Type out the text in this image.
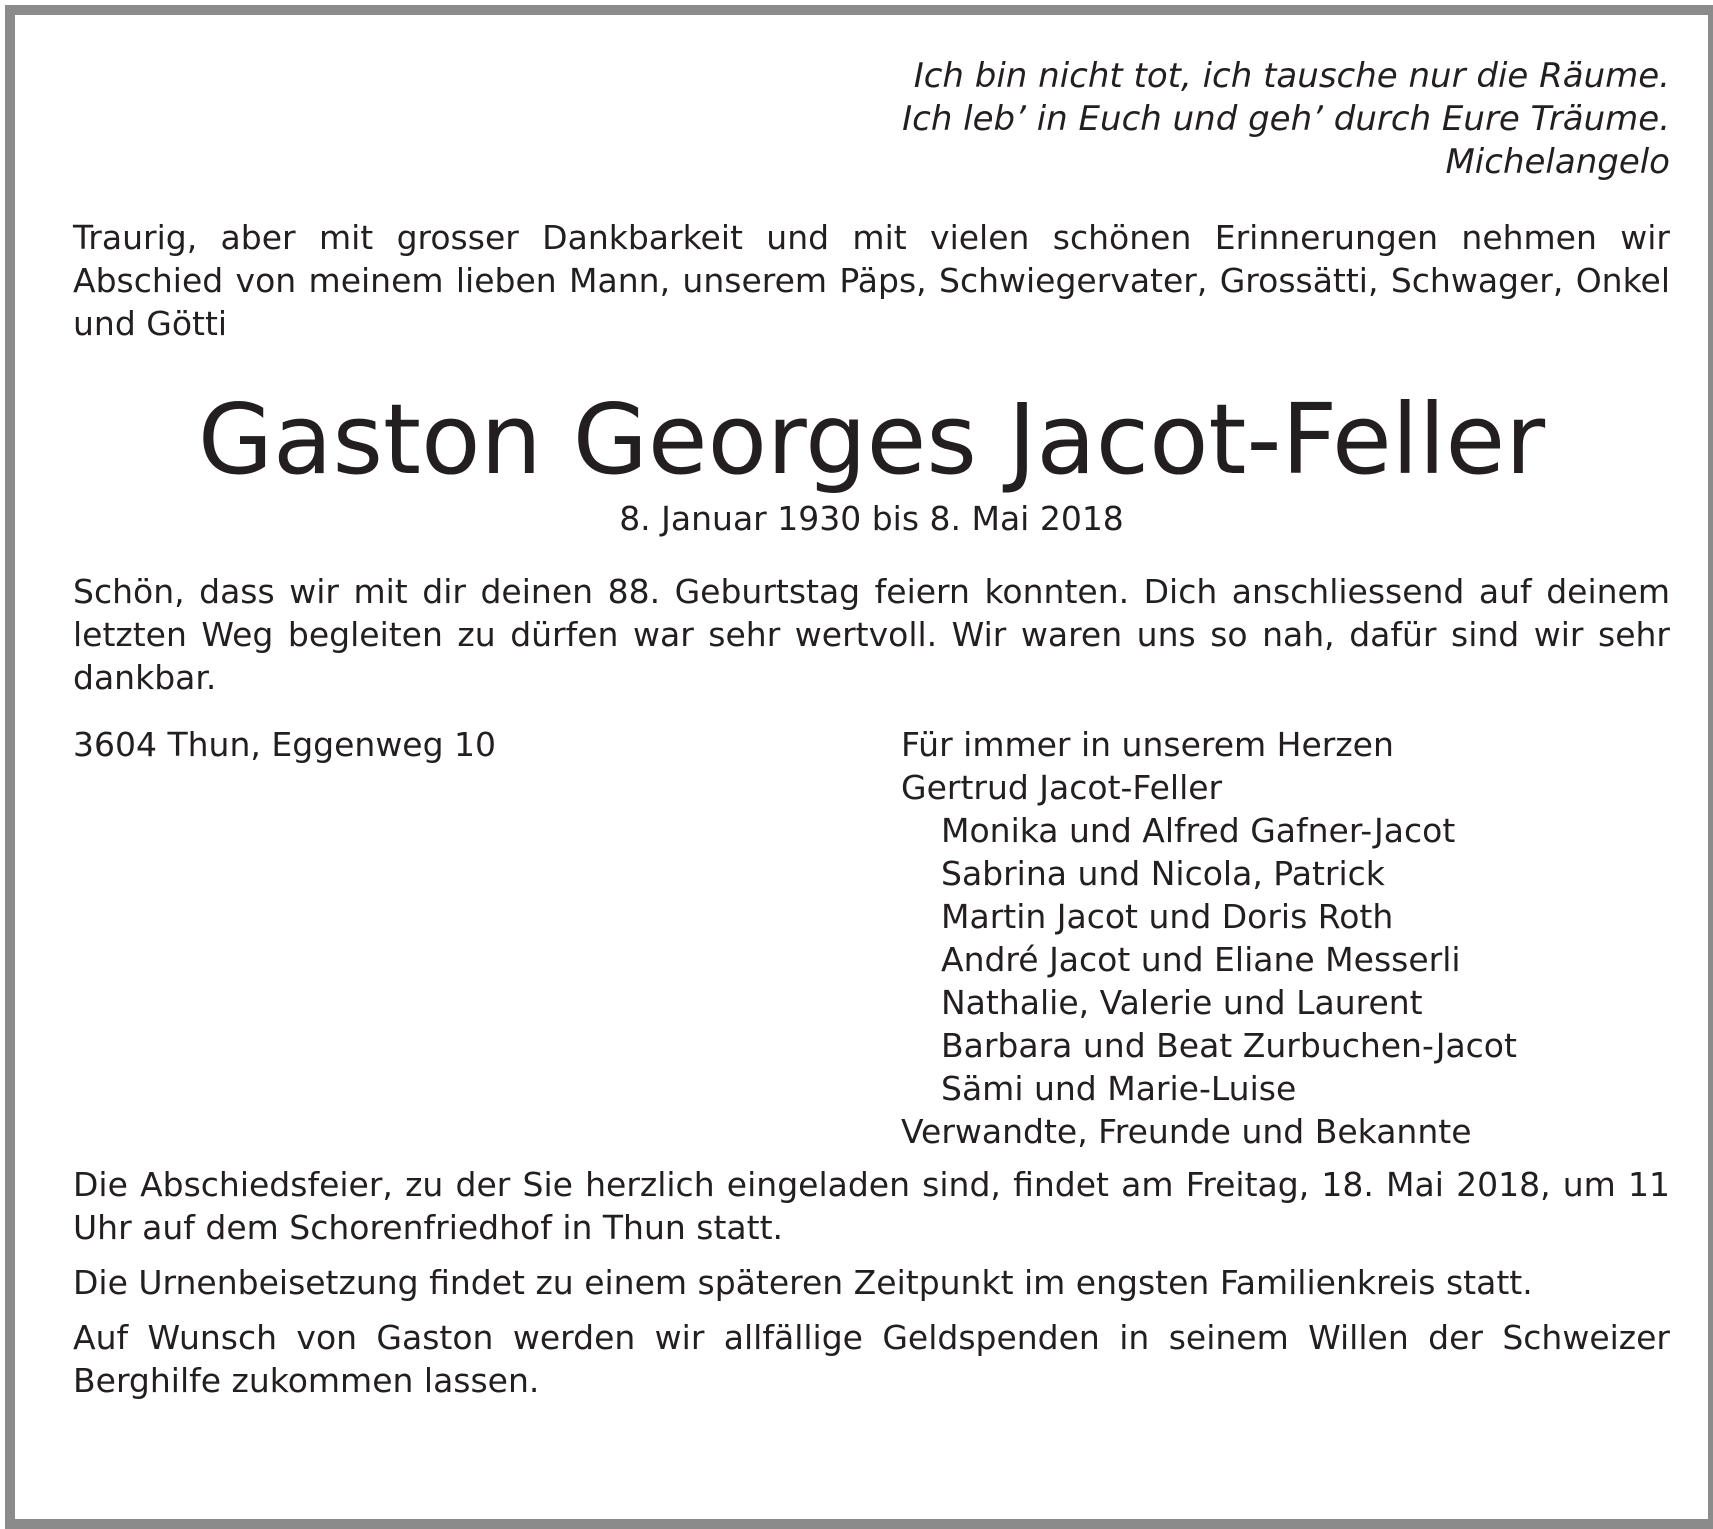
Ich bin nicht tot, ich tausche nur die Räume.
Ich leb’ in Euch und geh’ durch Eure Träume.
Michelangelo

Traurig, aber mit grosser Dankbarkeit und mit vielen schönen Erinnerungen nehmen wir Abschied von meinem lieben Mann, unserem Päps, Schwiegervater, Grossätti, Schwager, Onkel und Götti

Gaston Georges Jacot-Feller
8. Januar 1930 bis 8. Mai 2018

Schön, dass wir mit dir deinen 88. Geburtstag feiern konnten. Dich anschliessend auf deinem letzten Weg begleiten zu dürfen war sehr wertvoll. Wir waren uns so nah, dafür sind wir sehr dankbar.

3604 Thun, Eggenweg 10	Für immer in unserem Herzen
Gertrud Jacot-Feller
Monika und Alfred Gafner-Jacot
Sabrina und Nicola, Patrick
Martin Jacot und Doris Roth
André Jacot und Eliane Messerli
Nathalie, Valerie und Laurent
Barbara und Beat Zurbuchen-Jacot
Sämi und Marie-Luise
Verwandte, Freunde und Bekannte

Die Abschiedsfeier, zu der Sie herzlich eingeladen sind, findet am Freitag, 18. Mai 2018, um 11 Uhr auf dem Schorenfriedhof in Thun statt.

Die Urnenbeisetzung findet zu einem späteren Zeitpunkt im engsten Familienkreis statt.

Auf Wunsch von Gaston werden wir allfällige Geldspenden in seinem Willen der Schweizer Berghilfe zukommen lassen.
